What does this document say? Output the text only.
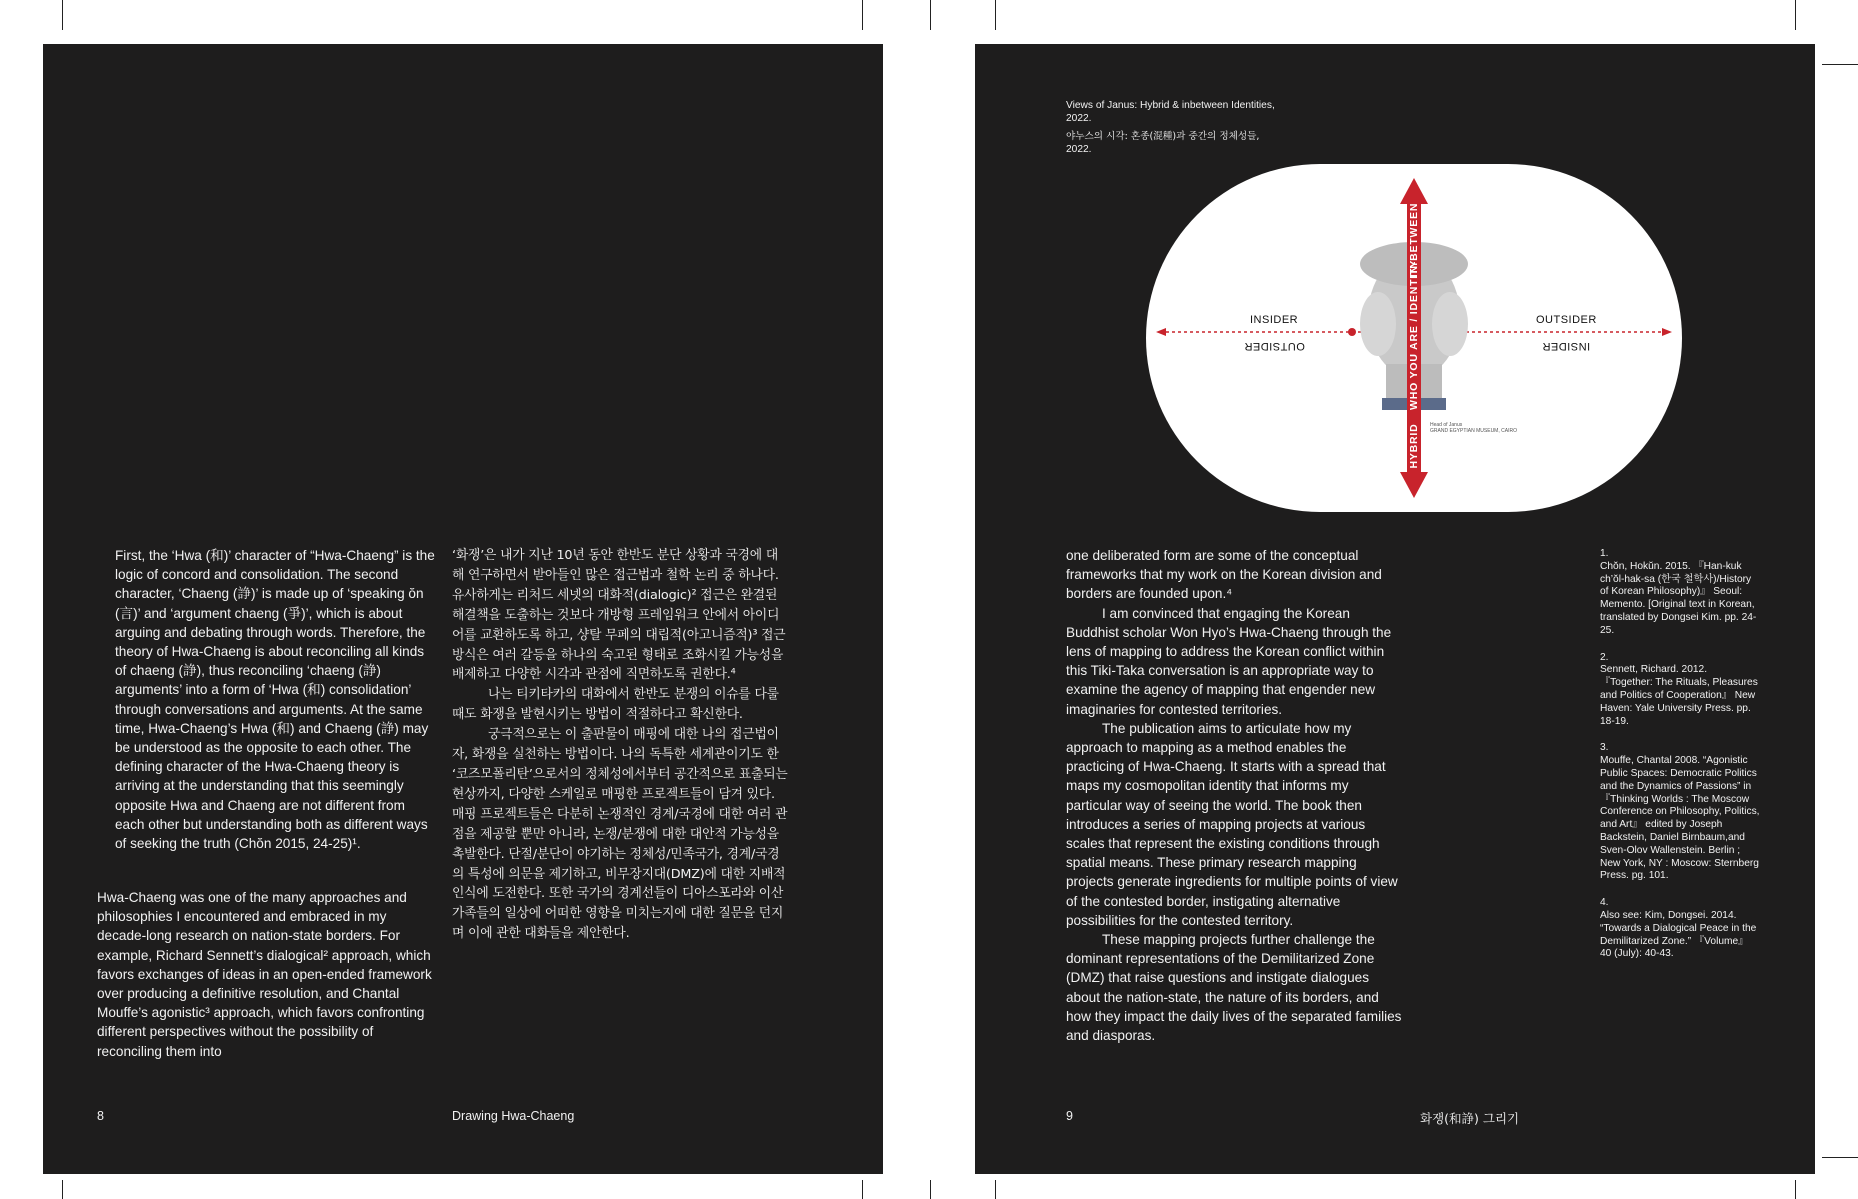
First, the ‘Hwa (和)’ character of “Hwa-Chaeng” is the logic of concord and consolidation. The second character, ‘Chaeng (諍)’ is made up of ‘speaking ŏn (言)’ and ‘argument chaeng (爭)’, which is about arguing and debating through words. Therefore, the theory of Hwa-Chaeng is about reconciling all kinds of chaeng (諍), thus reconciling ‘chaeng (諍) arguments’ into a form of ‘Hwa (和) consolidation’ through conversations and arguments. At the same time, Hwa-Chaeng’s Hwa (和) and Chaeng (諍) may be understood as the opposite to each other. The defining character of the Hwa-Chaeng theory is arriving at the understanding that this seemingly opposite Hwa and Chaeng are not different from each other but understanding both as different ways of seeking the truth (Chŏn 2015, 24-25)¹.

Hwa-Chaeng was one of the many approaches and philosophies I encountered and embraced in my decade-long research on nation-state borders. For example, Richard Sennett’s dialogical² approach, which favors exchanges of ideas in an open-ended framework over producing a definitive resolution, and Chantal Mouffe’s agonistic³ approach, which favors confronting different perspectives without the possibility of reconciling them into

‘화쟁’은 내가 지난 10년 동안 한반도 분단 상황과 국경에 대해 연구하면서 받아들인 많은 접근법과 철학 논리 중 하나다. 유사하게는 리처드 세넷의 대화적(dialogic)² 접근은 완결된 해결책을 도출하는 것보다 개방형 프레임워크 안에서 아이디어를 교환하도록 하고, 샹탈 무페의 대립적(아고니즘적)³ 접근방식은 여러 갈등을 하나의 숙고된 형태로 조화시킬 가능성을 배제하고 다양한 시각과 관점에 직면하도록 권한다.⁴

나는 티키타카의 대화에서 한반도 분쟁의 이슈를 다룰 때도 화쟁을 발현시키는 방법이 적절하다고 확신한다.

궁극적으로는 이 출판물이 매핑에 대한 나의 접근법이자, 화쟁을 실천하는 방법이다. 나의 독특한 세계관이기도 한 ‘코즈모폴리탄’으로서의 정체성에서부터 공간적으로 표출되는 현상까지, 다양한 스케일로 매핑한 프로젝트들이 담겨 있다. 매핑 프로젝트들은 다분히 논쟁적인 경계/국경에 대한 여러 관점을 제공할 뿐만 아니라, 논쟁/분쟁에 대한 대안적 가능성을 촉발한다. 단절/분단이 야기하는 정체성/민족국가, 경계/국경의 특성에 의문을 제기하고, 비무장지대(DMZ)에 대한 지배적 인식에 도전한다. 또한 국가의 경계선들이 디아스포라와 이산가족들의 일상에 어떠한 영향을 미치는지에 대한 질문을 던지며 이에 관한 대화들을 제안한다.

8	Drawing Hwa-Chaeng
Views of Janus: Hybrid & inbetween Identities,
2022.
야누스의 시각: 혼종(混種)과 중간의 정체성들,
2022.
INSIDER
OUTSIDER
OUTSIDER
INSIDER
IN-BETWEEN
WHO YOU ARE / IDENTITY
HYBRID Head of Janus
GRAND EGYPTIAN MUSEUM, CAIRO

one deliberated form are some of the conceptual frameworks that my work on the Korean division and borders are founded upon.⁴

I am convinced that engaging the Korean Buddhist scholar Won Hyo’s Hwa-Chaeng through the lens of mapping to address the Korean conflict within this Tiki-Taka conversation is an appropriate way to examine the agency of mapping that engender new imaginaries for contested territories.

The publication aims to articulate how my approach to mapping as a method enables the practicing of Hwa-Chaeng. It starts with a spread that maps my cosmopolitan identity that informs my particular way of seeing the world. The book then introduces a series of mapping projects at various scales that represent the existing conditions through spatial means. These primary research mapping projects generate ingredients for multiple points of view of the contested border, instigating alternative possibilities for the contested territory.

These mapping projects further challenge the dominant representations of the Demilitarized Zone (DMZ) that raise questions and instigate dialogues about the nation-state, the nature of its borders, and how they impact the daily lives of the separated families and diasporas.

1.
Chŏn, Hokŭn. 2015. 『Han-kuk ch’ŏl-hak-sa (한국 철학사)/History of Korean Philosophy)』 Seoul: Memento. [Original text in Korean, translated by Dongsei Kim. pp. 24-25.
2.
Sennett, Richard. 2012. 『Together: The Rituals, Pleasures and Politics of Cooperation』 New Haven: Yale University Press. pp. 18-19.
3.
Mouffe, Chantal 2008. “Agonistic Public Spaces: Democratic Politics and the Dynamics of Passions” in 『Thinking Worlds : The Moscow Conference on Philosophy, Politics, and Art』 edited by Joseph Backstein, Daniel Birnbaum,and Sven-Olov Wallenstein. Berlin ; New York, NY : Moscow: Sternberg Press. pg. 101.
4.
Also see: Kim, Dongsei. 2014. “Towards a Dialogical Peace in the Demilitarized Zone.” 『Volume』 40 (July): 40-43.
9	화쟁(和諍) 그리기
